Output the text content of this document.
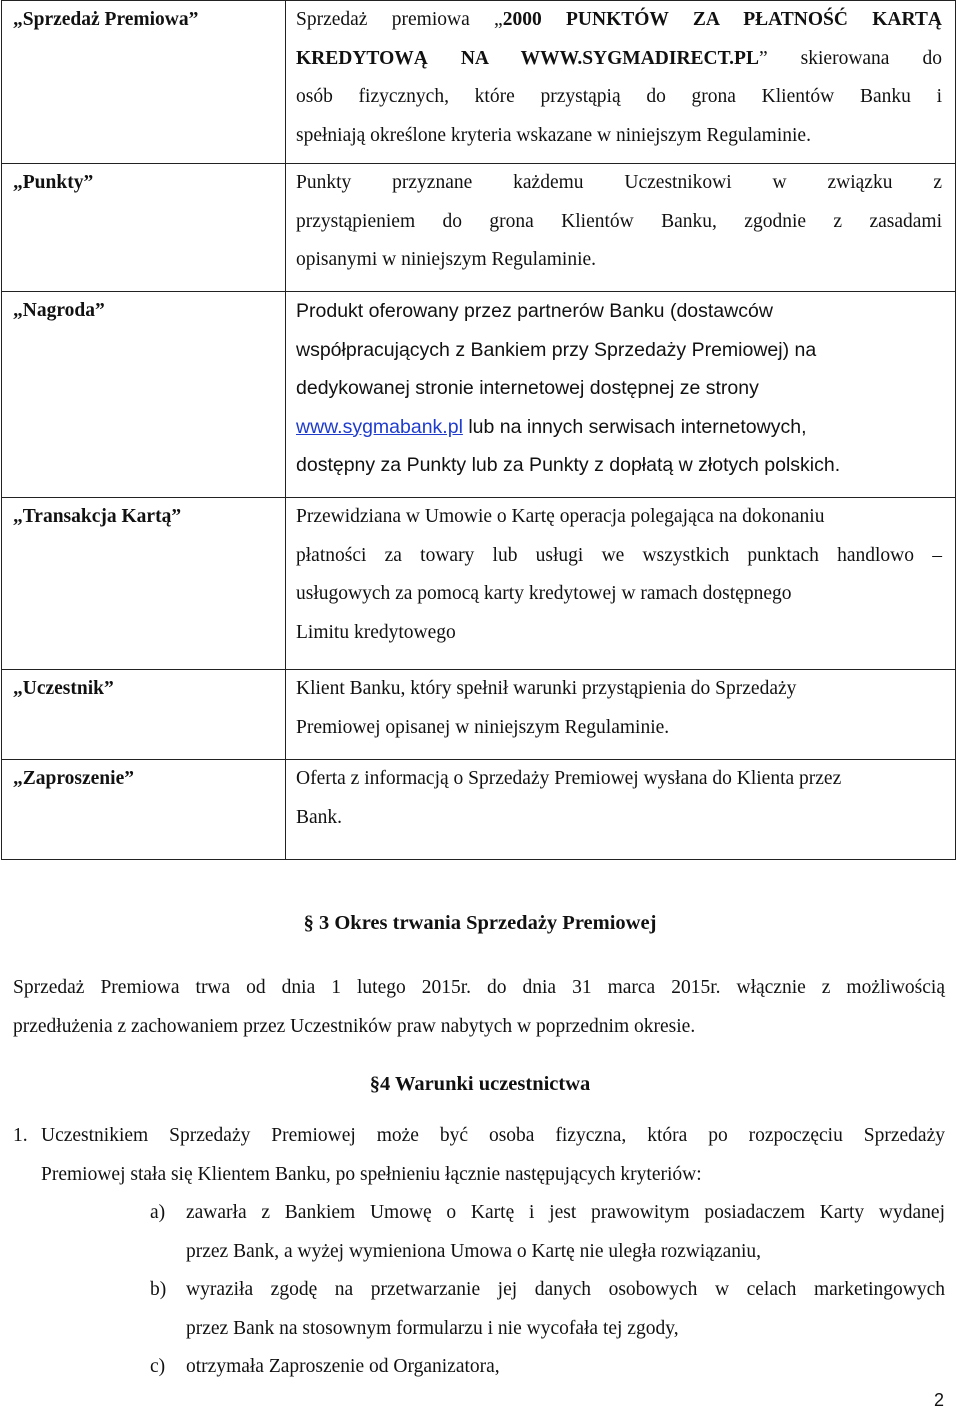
„Sprzedaż Premiowa”	Sprzedaż premiowa „2000 PUNKTÓW ZA PŁATNOŚĆ KARTĄ
KREDYTOWĄ NA WWW.SYGMADIRECT.PL” skierowana do
osób fizycznych, które przystąpią do grona Klientów Banku i
spełniają określone kryteria wskazane w niniejszym Regulaminie.

„Punkty”	Punkty przyznane każdemu Uczestnikowi w związku z
przystąpieniem do grona Klientów Banku, zgodnie z zasadami
opisanymi w niniejszym Regulaminie.

„Nagroda”	Produkt oferowany przez partnerów Banku (dostawców
współpracujących z Bankiem przy Sprzedaży Premiowej) na
dedykowanej stronie internetowej dostępnej ze strony
www.sygmabank.pl lub na innych serwisach internetowych,
dostępny za Punkty lub za Punkty z dopłatą w złotych polskich.

„Transakcja Kartą”	Przewidziana w Umowie o Kartę operacja polegająca na dokonaniu
płatności za towary lub usługi we wszystkich punktach handlowo –
usługowych za pomocą karty kredytowej w ramach dostępnego
Limitu kredytowego

„Uczestnik”	Klient Banku, który spełnił warunki przystąpienia do Sprzedaży
Premiowej opisanej w niniejszym Regulaminie.

„Zaproszenie”	Oferta z informacją o Sprzedaży Premiowej wysłana do Klienta przez
Bank.
§ 3 Okres trwania Sprzedaży Premiowej
Sprzedaż Premiowa trwa od dnia 1 lutego 2015r. do dnia 31 marca 2015r. włącznie z możliwością
przedłużenia z zachowaniem przez Uczestników praw nabytych w poprzednim okresie.
§4 Warunki uczestnictwa
1. Uczestnikiem Sprzedaży Premiowej może być osoba fizyczna, która po rozpoczęciu Sprzedaży
Premiowej stała się Klientem Banku, po spełnieniu łącznie następujących kryteriów:
a) zawarła z Bankiem Umowę o Kartę i jest prawowitym posiadaczem Karty wydanej
przez Bank, a wyżej wymieniona Umowa o Kartę nie uległa rozwiązaniu,
b) wyraziła zgodę na przetwarzanie jej danych osobowych w celach marketingowych
przez Bank na stosownym formularzu i nie wycofała tej zgody,
c) otrzymała Zaproszenie od Organizatora,
2
